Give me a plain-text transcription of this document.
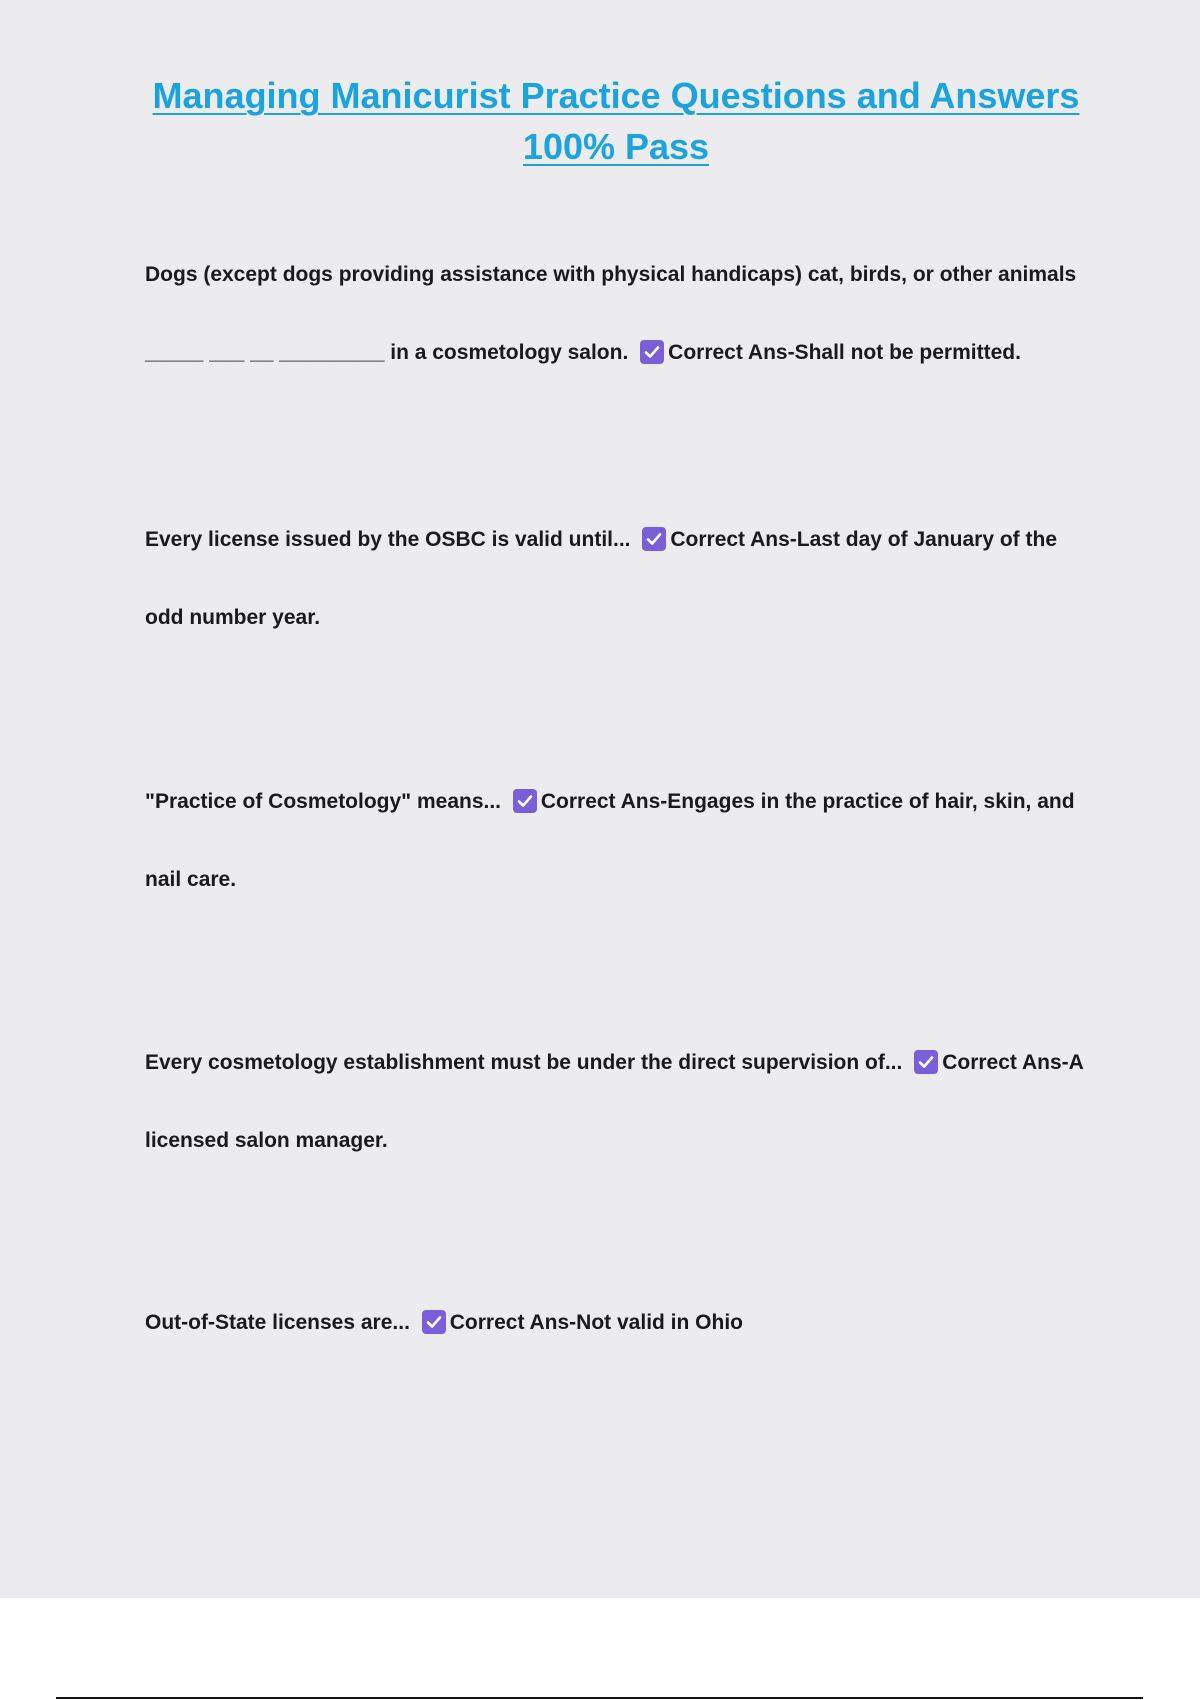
Managing Manicurist Practice Questions and Answers
100% Pass

Dogs (except dogs providing assistance with physical handicaps) cat, birds, or other animals _____ ___ __ _________ in a cosmetology salon. Correct Ans-Shall not be permitted.

Every license issued by the OSBC is valid until... Correct Ans-Last day of January of the odd number year.

"Practice of Cosmetology" means... Correct Ans-Engages in the practice of hair, skin, and nail care.

Every cosmetology establishment must be under the direct supervision of... Correct Ans-A licensed salon manager.

Out-of-State licenses are... Correct Ans-Not valid in Ohio
